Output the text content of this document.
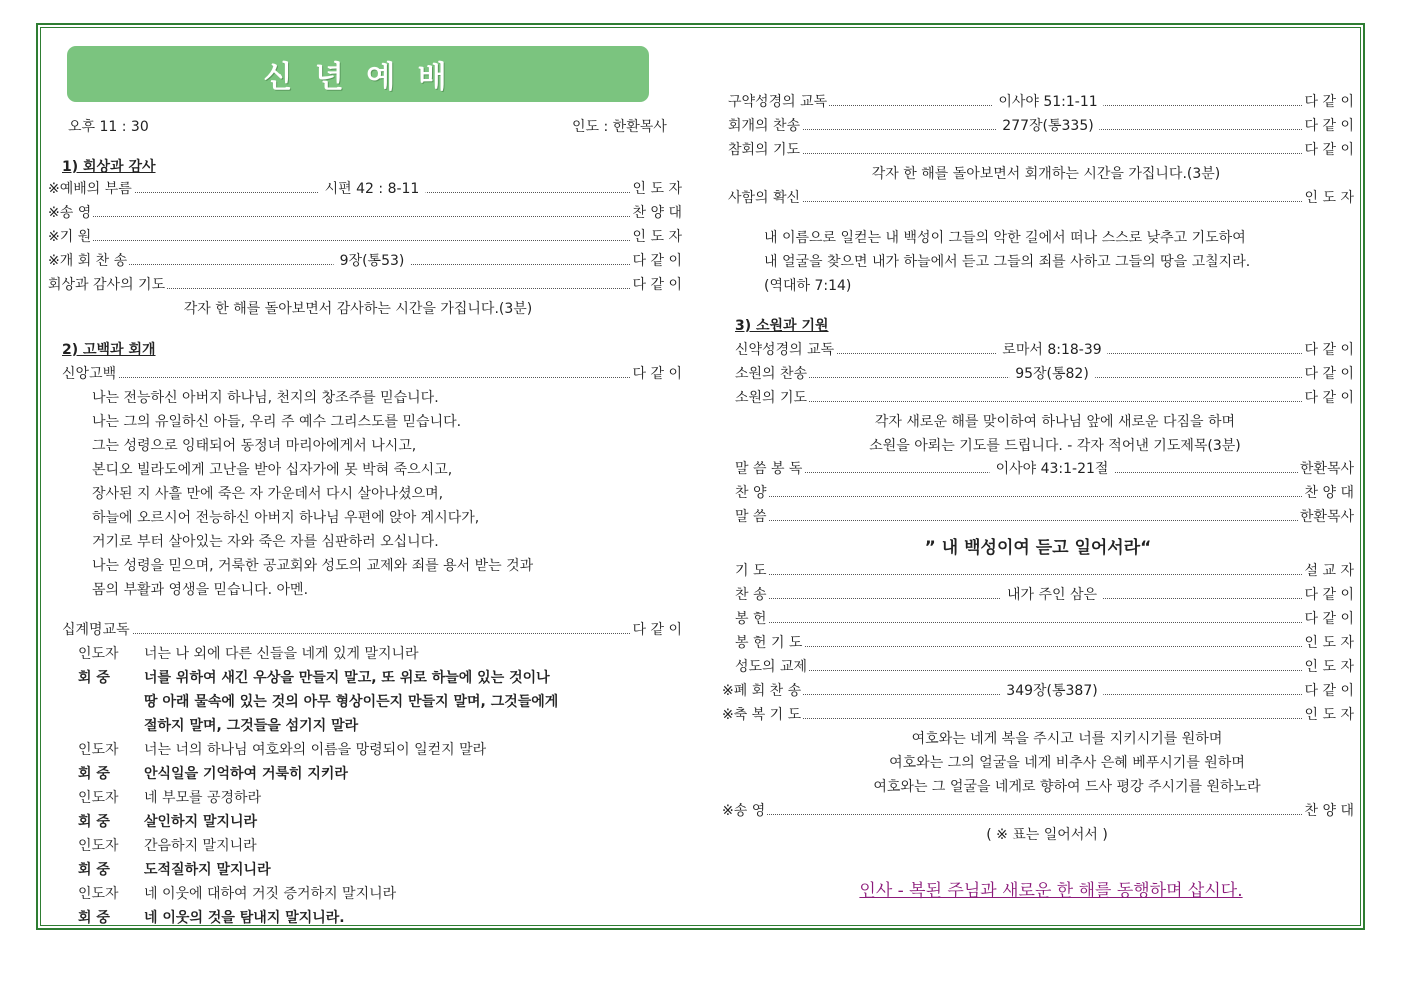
신 년 예 배
오후 11 : 30	인도 : 한환목사
1) 회상과 감사
※예배의 부름	시편 42 : 8-11	인 도 자
※송 영	찬 양 대
※기 원	인 도 자
※개 회 찬 송	9장(통53)	다 같 이
회상과 감사의 기도	다 같 이
각자 한 해를 돌아보면서 감사하는 시간을 가집니다.(3분)
2) 고백과 회개
신앙고백	다 같 이
나는 전능하신 아버지 하나님, 천지의 창조주를 믿습니다.
나는 그의 유일하신 아들, 우리 주 예수 그리스도를 믿습니다.
그는 성령으로 잉태되어 동정녀 마리아에게서 나시고,
본디오 빌라도에게 고난을 받아 십자가에 못 박혀 죽으시고,
장사된 지 사흘 만에 죽은 자 가운데서 다시 살아나셨으며,
하늘에 오르시어 전능하신 아버지 하나님 우편에 앉아 계시다가,
거기로 부터 살아있는 자와 죽은 자를 심판하러 오십니다.
나는 성령을 믿으며, 거룩한 공교회와 성도의 교제와 죄를 용서 받는 것과
몸의 부활과 영생을 믿습니다. 아멘.
십계명교독	다 같 이
인도자 너는 나 외에 다른 신들을 네게 있게 말지니라
회 중 너를 위하여 새긴 우상을 만들지 말고, 또 위로 하늘에 있는 것이나
땅 아래 물속에 있는 것의 아무 형상이든지 만들지 말며, 그것들에게
절하지 말며, 그것들을 섬기지 말라
인도자 너는 너의 하나님 여호와의 이름을 망령되이 일컫지 말라
회 중 안식일을 기억하여 거룩히 지키라
인도자 네 부모를 공경하라
회 중 살인하지 말지니라
인도자 간음하지 말지니라
회 중 도적질하지 말지니라
인도자 네 이웃에 대하여 거짓 증거하지 말지니라
회 중 네 이웃의 것을 탐내지 말지니라.
구약성경의 교독	이사야 51:1-11	다 같 이
회개의 찬송	277장(통335)	다 같 이
참회의 기도	다 같 이
각자 한 해를 돌아보면서 회개하는 시간을 가집니다.(3분)
사함의 확신	인 도 자
내 이름으로 일컫는 내 백성이 그들의 악한 길에서 떠나 스스로 낮추고 기도하여
내 얼굴을 찾으면 내가 하늘에서 듣고 그들의 죄를 사하고 그들의 땅을 고칠지라.
(역대하 7:14)
3) 소원과 기원
신약성경의 교독	로마서 8:18-39	다 같 이
소원의 찬송	95장(통82)	다 같 이
소원의 기도	다 같 이
각자 새로운 해를 맞이하여 하나님 앞에 새로운 다짐을 하며
소원을 아뢰는 기도를 드립니다. - 각자 적어낸 기도제목(3분)
말 씀 봉 독	이사야 43:1-21절	한환목사
찬 양	찬 양 대
말 씀	한환목사
” 내 백성이여 듣고 일어서라“
기 도	설 교 자
찬 송	내가 주인 삼은	다 같 이
봉 헌	다 같 이
봉 헌 기 도	인 도 자
성도의 교제	인 도 자
※폐 회 찬 송	349장(통387)	다 같 이
※축 복 기 도	인 도 자
여호와는 네게 복을 주시고 너를 지키시기를 원하며
여호와는 그의 얼굴을 네게 비추사 은혜 베푸시기를 원하며
여호와는 그 얼굴을 네게로 향하여 드사 평강 주시기를 원하노라
※송 영	찬 양 대
( ※ 표는 일어서서 )
인사 - 복된 주님과 새로운 한 해를 동행하며 삽시다.
